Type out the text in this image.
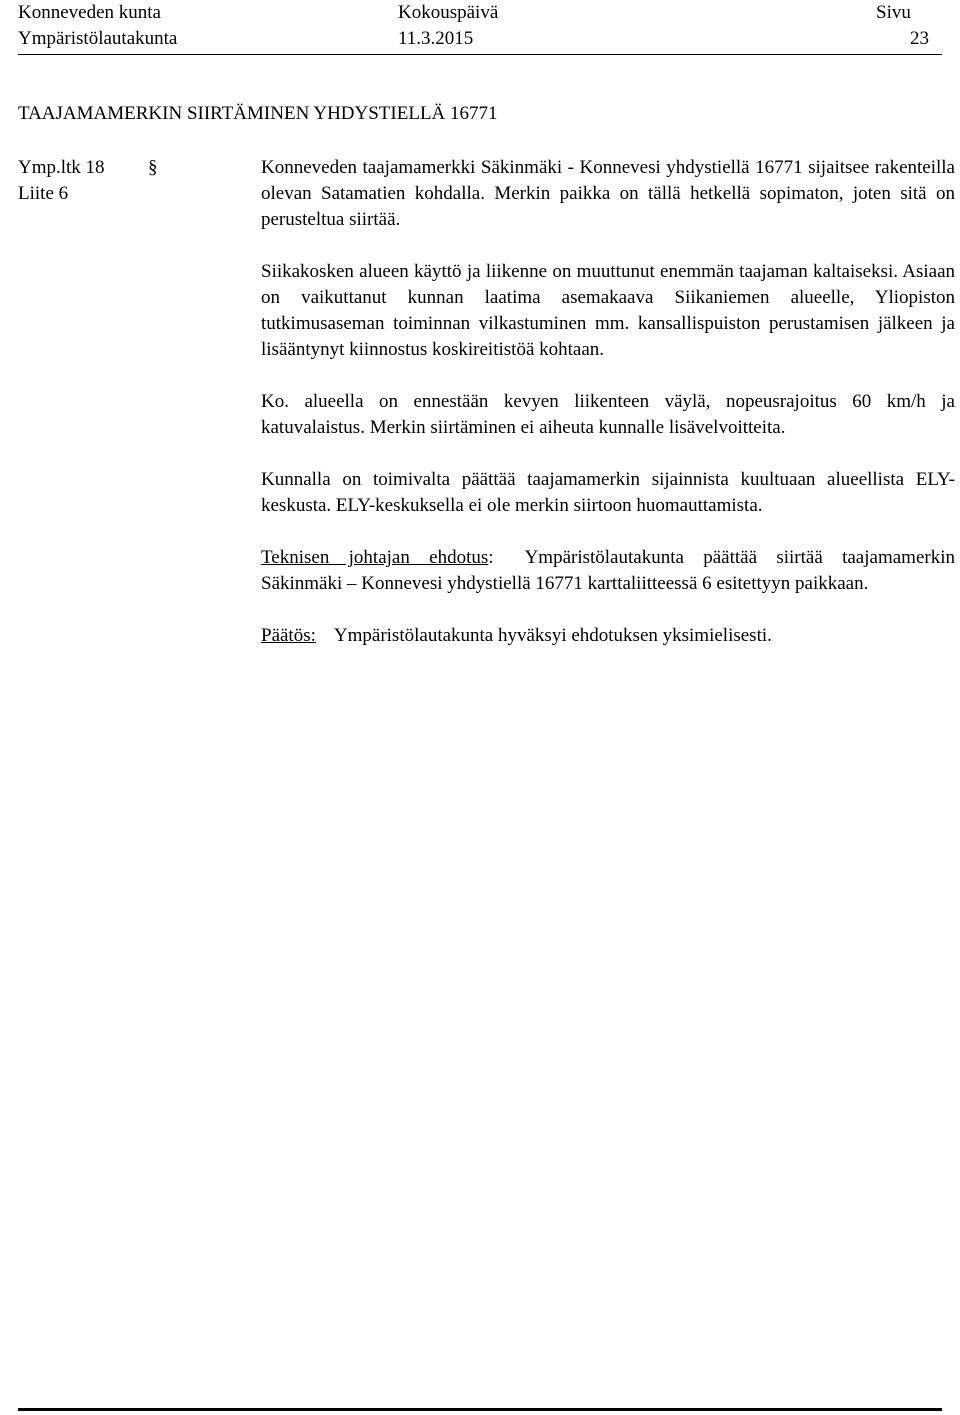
Konneveden kunta
Ympäristölautakunta
Kokouspäivä
11.3.2015
Sivu
23
TAAJAMAMERKIN SIIRTÄMINEN YHDYSTIELLÄ 16771
Ymp.ltk 18 §
Liite 6

Konneveden taajamamerkki Säkinmäki - Konnevesi yhdystiellä 16771 sijaitsee rakenteilla olevan Satamatien kohdalla. Merkin paikka on tällä hetkellä sopimaton, joten sitä on perusteltua siirtää.

Siikakosken alueen käyttö ja liikenne on muuttunut enemmän taajaman kaltaiseksi. Asiaan on vaikuttanut kunnan laatima asemakaava Siikaniemen alueelle, Yliopiston tutkimusaseman toiminnan vilkastuminen mm. kansallispuiston perustamisen jälkeen ja lisääntynyt kiinnostus koskireitistöä kohtaan.

Ko. alueella on ennestään kevyen liikenteen väylä, nopeusrajoitus 60 km/h ja katuvalaistus. Merkin siirtäminen ei aiheuta kunnalle lisävelvoitteita.

Kunnalla on toimivalta päättää taajamamerkin sijainnista kuultuaan alueellista ELY-keskusta. ELY-keskuksella ei ole merkin siirtoon huomauttamista.

Teknisen johtajan ehdotus: Ympäristölautakunta päättää siirtää taajamamerkin Säkinmäki – Konnevesi yhdystiellä 16771 karttaliitteessä 6 esitettyyn paikkaan.

Päätös: Ympäristölautakunta hyväksyi ehdotuksen yksimielisesti.
